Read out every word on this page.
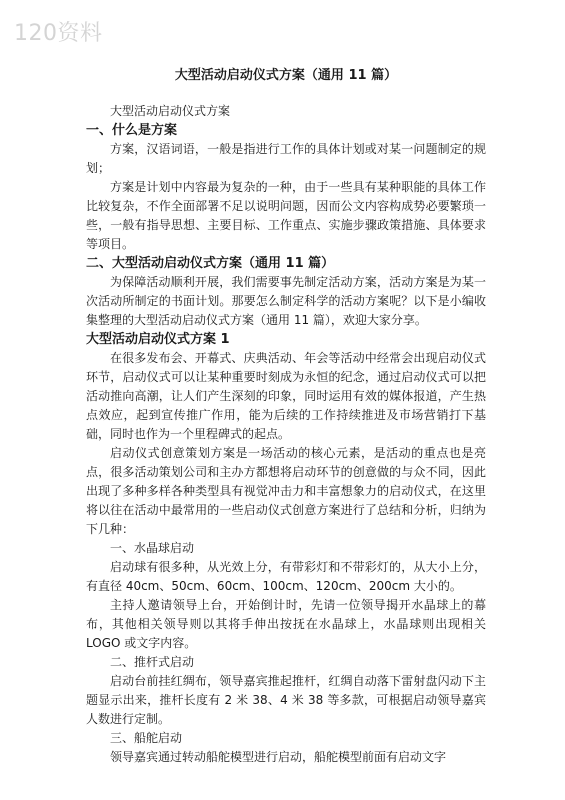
120资料
大型活动启动仪式方案（通用 11 篇）

大型活动启动仪式方案

一、什么是方案

方案，汉语词语，一般是指进行工作的具体计划或对某一问题制定的规划；

方案是计划中内容最为复杂的一种，由于一些具有某种职能的具体工作比较复杂，不作全面部署不足以说明问题，因而公文内容构成势必要繁琐一些，一般有指导思想、主要目标、工作重点、实施步骤政策措施、具体要求等项目。

二、大型活动启动仪式方案（通用 11 篇）

为保障活动顺利开展，我们需要事先制定活动方案，活动方案是为某一次活动所制定的书面计划。那要怎么制定科学的活动方案呢？以下是小编收集整理的大型活动启动仪式方案（通用 11 篇），欢迎大家分享。

大型活动启动仪式方案 1

在很多发布会、开幕式、庆典活动、年会等活动中经常会出现启动仪式环节，启动仪式可以让某种重要时刻成为永恒的纪念，通过启动仪式可以把活动推向高潮，让人们产生深刻的印象，同时运用有效的媒体报道，产生热点效应，起到宣传推广作用，能为后续的工作持续推进及市场营销打下基础，同时也作为一个里程碑式的起点。

启动仪式创意策划方案是一场活动的核心元素，是活动的重点也是亮点，很多活动策划公司和主办方都想将启动环节的创意做的与众不同，因此出现了多种多样各种类型具有视觉冲击力和丰富想象力的启动仪式，在这里将以往在活动中最常用的一些启动仪式创意方案进行了总结和分析，归纳为下几种：

一、水晶球启动

启动球有很多种，从光效上分，有带彩灯和不带彩灯的，从大小上分，有直径 40cm、50cm、60cm、100cm、120cm、200cm 大小的。

主持人邀请领导上台，开始倒计时，先请一位领导揭开水晶球上的幕布，其他相关领导则以其将手伸出按抚在水晶球上，水晶球则出现相关 LOGO 或文字内容。

二、推杆式启动

启动台前挂红绸布，领导嘉宾推起推杆，红绸自动落下雷射盘闪动下主题显示出来，推杆长度有 2 米 38、4 米 38 等多款，可根据启动领导嘉宾人数进行定制。

三、船舵启动

领导嘉宾通过转动船舵模型进行启动，船舵模型前面有启动文字
